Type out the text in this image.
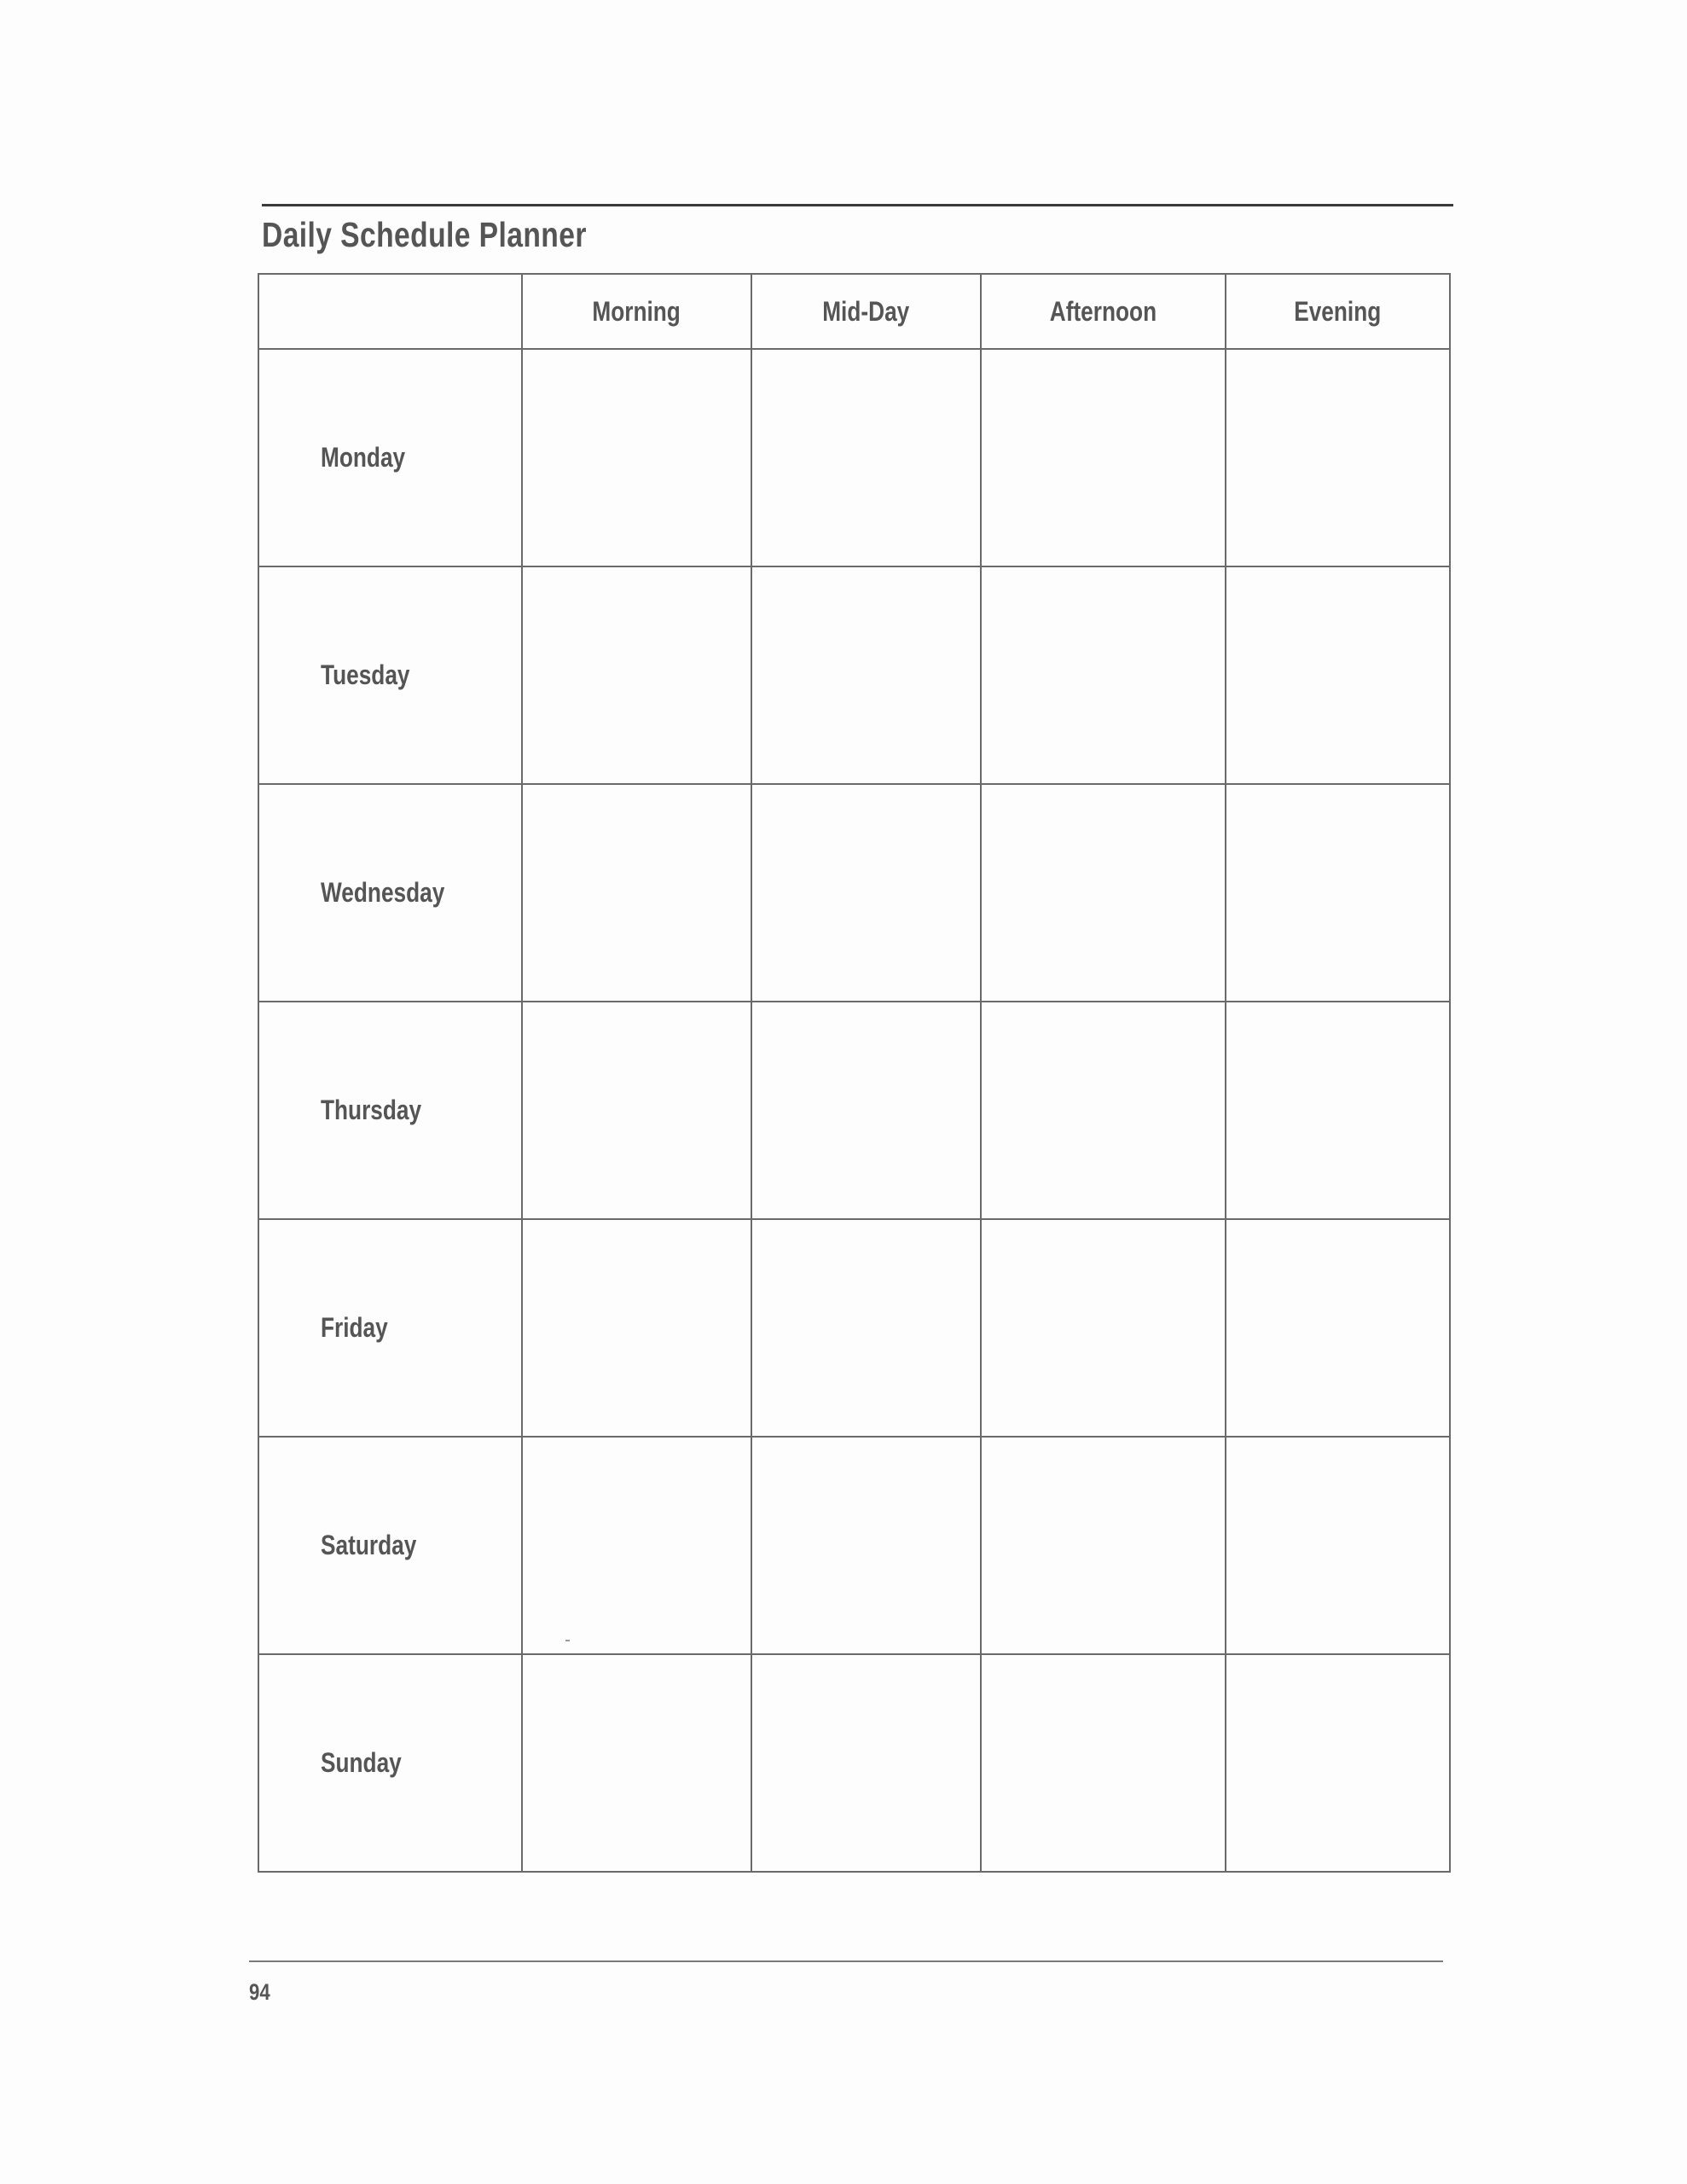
Daily Schedule Planner
	Morning	Mid-Day	Afternoon	Evening
Monday				
Tuesday				
Wednesday				
Thursday				
Friday				
Saturday				
Sunday				
94
